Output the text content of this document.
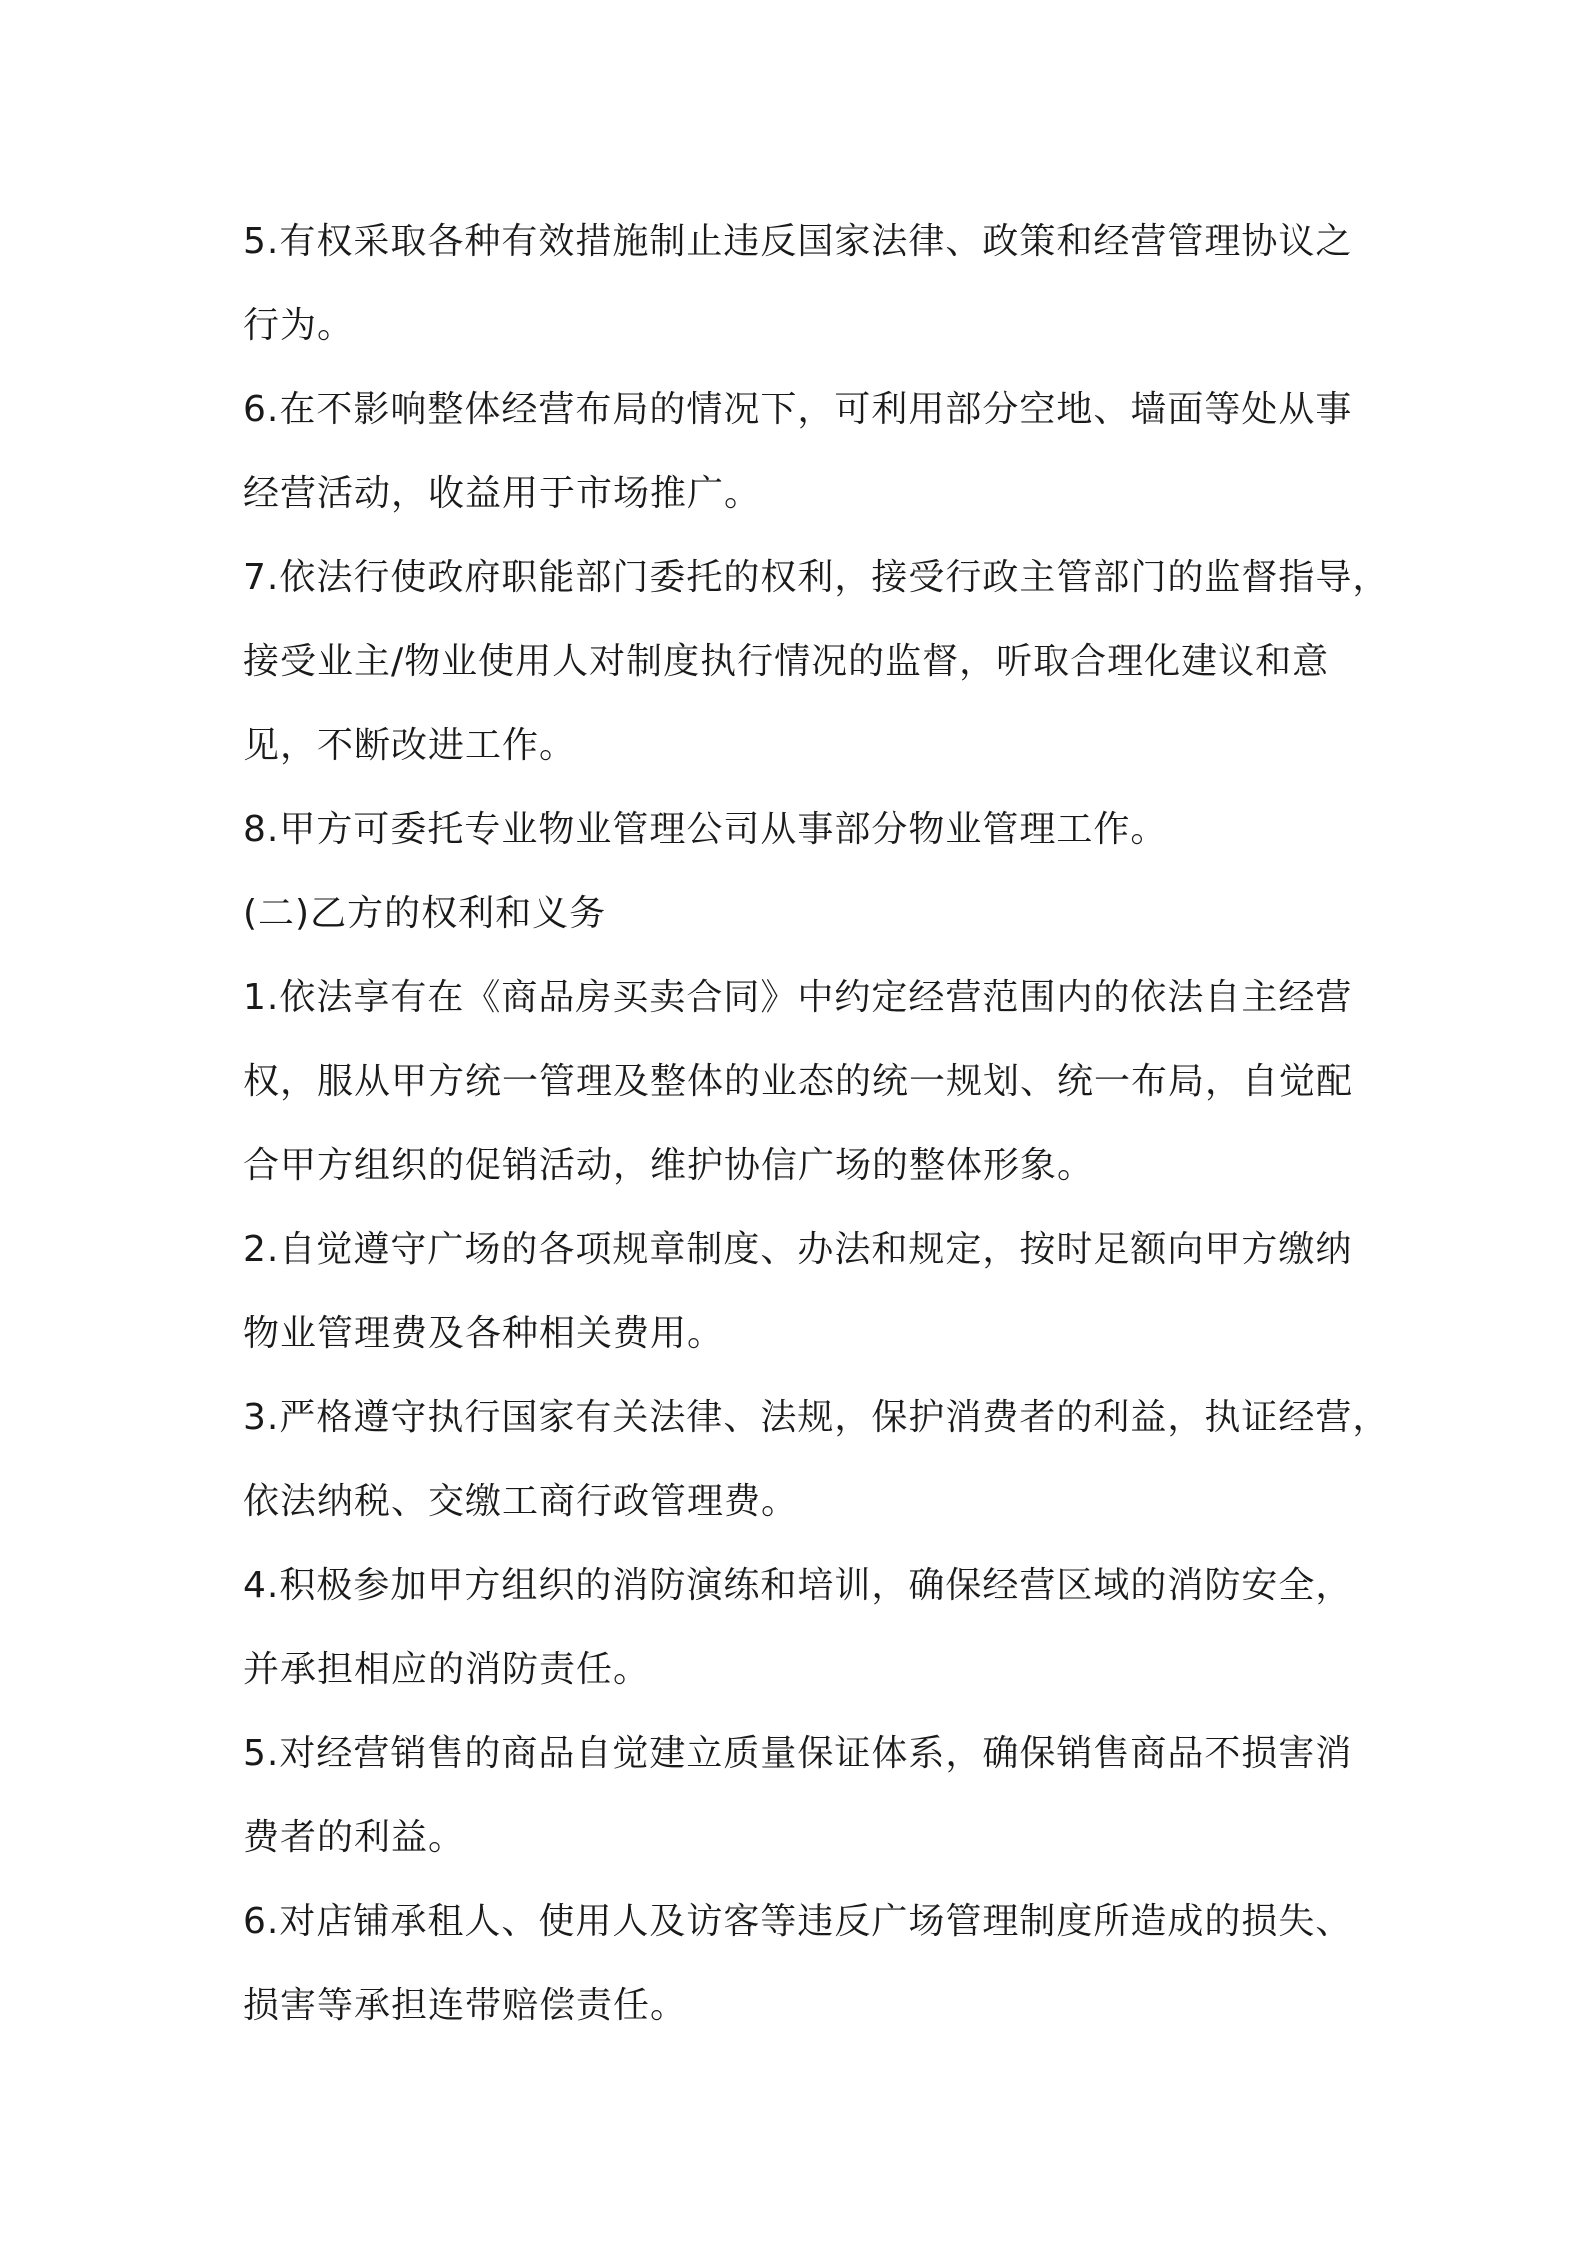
5.有权采取各种有效措施制止违反国家法律、政策和经营管理协议之
行为。
6.在不影响整体经营布局的情况下，可利用部分空地、墙面等处从事
经营活动，收益用于市场推广。
7.依法行使政府职能部门委托的权利，接受行政主管部门的监督指导，
接受业主/物业使用人对制度执行情况的监督，听取合理化建议和意
见，不断改进工作。
8.甲方可委托专业物业管理公司从事部分物业管理工作。
(二)乙方的权利和义务
1.依法享有在《商品房买卖合同》中约定经营范围内的依法自主经营
权，服从甲方统一管理及整体的业态的统一规划、统一布局，自觉配
合甲方组织的促销活动，维护协信广场的整体形象。
2.自觉遵守广场的各项规章制度、办法和规定，按时足额向甲方缴纳
物业管理费及各种相关费用。
3.严格遵守执行国家有关法律、法规，保护消费者的利益，执证经营，
依法纳税、交缴工商行政管理费。
4.积极参加甲方组织的消防演练和培训，确保经营区域的消防安全，
并承担相应的消防责任。
5.对经营销售的商品自觉建立质量保证体系，确保销售商品不损害消
费者的利益。
6.对店铺承租人、使用人及访客等违反广场管理制度所造成的损失、
损害等承担连带赔偿责任。
